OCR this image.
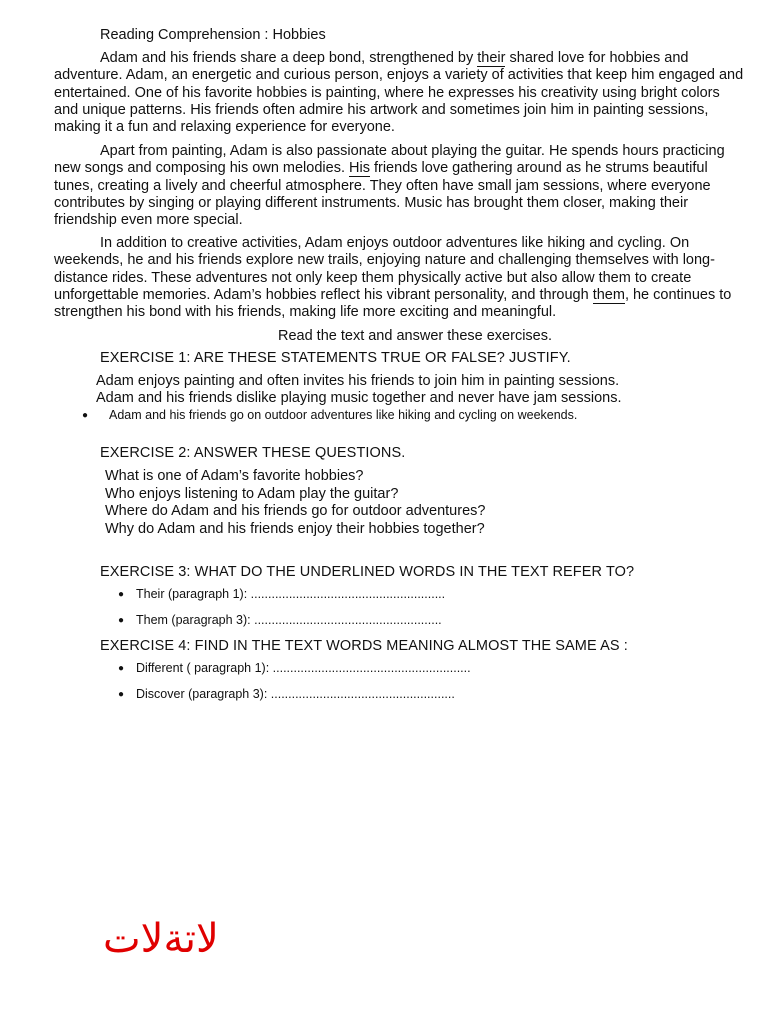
Reading Comprehension : Hobbies

Adam and his friends share a deep bond, strengthened by their shared love for hobbies and adventure. Adam, an energetic and curious person, enjoys a variety of activities that keep him engaged and entertained. One of his favorite hobbies is painting, where he expresses his creativity using bright colors and unique patterns. His friends often admire his artwork and sometimes join him in painting sessions, making it a fun and relaxing experience for everyone.

Apart from painting, Adam is also passionate about playing the guitar. He spends hours practicing new songs and composing his own melodies. His friends love gathering around as he strums beautiful tunes, creating a lively and cheerful atmosphere. They often have small jam sessions, where everyone contributes by singing or playing different instruments. Music has brought them closer, making their friendship even more special.

In addition to creative activities, Adam enjoys outdoor adventures like hiking and cycling. On weekends, he and his friends explore new trails, enjoying nature and challenging themselves with long-distance rides. These adventures not only keep them physically active but also allow them to create unforgettable memories. Adam’s hobbies reflect his vibrant personality, and through them, he continues to strengthen his bond with his friends, making life more exciting and meaningful.

Read the text and answer these exercises.
EXERCISE 1: ARE THESE STATEMENTS TRUE OR FALSE? JUSTIFY.
Adam enjoys painting and often invites his friends to join him in painting sessions.
Adam and his friends dislike playing music together and never have jam sessions.
● Adam and his friends go on outdoor adventures like hiking and cycling on weekends.
EXERCISE 2: ANSWER THESE QUESTIONS.
What is one of Adam’s favorite hobbies?
Who enjoys listening to Adam play the guitar?
Where do Adam and his friends go for outdoor adventures?
Why do Adam and his friends enjoy their hobbies together?
EXERCISE 3: WHAT DO THE UNDERLINED WORDS IN THE TEXT REFER TO?
● Their (paragraph 1): ........................................................
● Them (paragraph 3): ......................................................
EXERCISE 4: FIND IN THE TEXT WORDS MEANING ALMOST THE SAME AS :
● Different ( paragraph 1): .........................................................
● Discover (paragraph 3): .....................................................
لاتةلات
